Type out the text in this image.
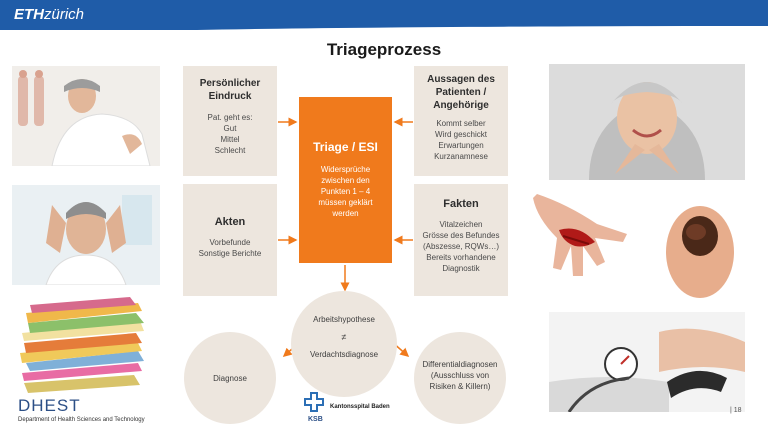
ETHzürich
Triageprozess
Persönlicher Eindruck
Pat. geht es:
Gut
Mittel
Schlecht
Aussagen des Patienten / Angehörige
Kommt selber
Wird geschickt
Erwartungen
Kurzanamnese
Akten
Vorbefunde
Sonstige Berichte
Fakten
Vitalzeichen
Grösse des Befundes
(Abszesse, RQWs…)
Bereits vorhandene
Diagnostik
Triage / ESI
Widersprüche
zwischen den
Punkten 1 – 4
müssen geklärt
werden
Arbeitshypothese
≠
Verdachtsdiagnose
Diagnose
Differentialdiagnosen
(Ausschluss von
Risiken & Killern)
DHEST
Department of Health Sciences and Technology
Kantonsspital Baden
KSB
| 18
